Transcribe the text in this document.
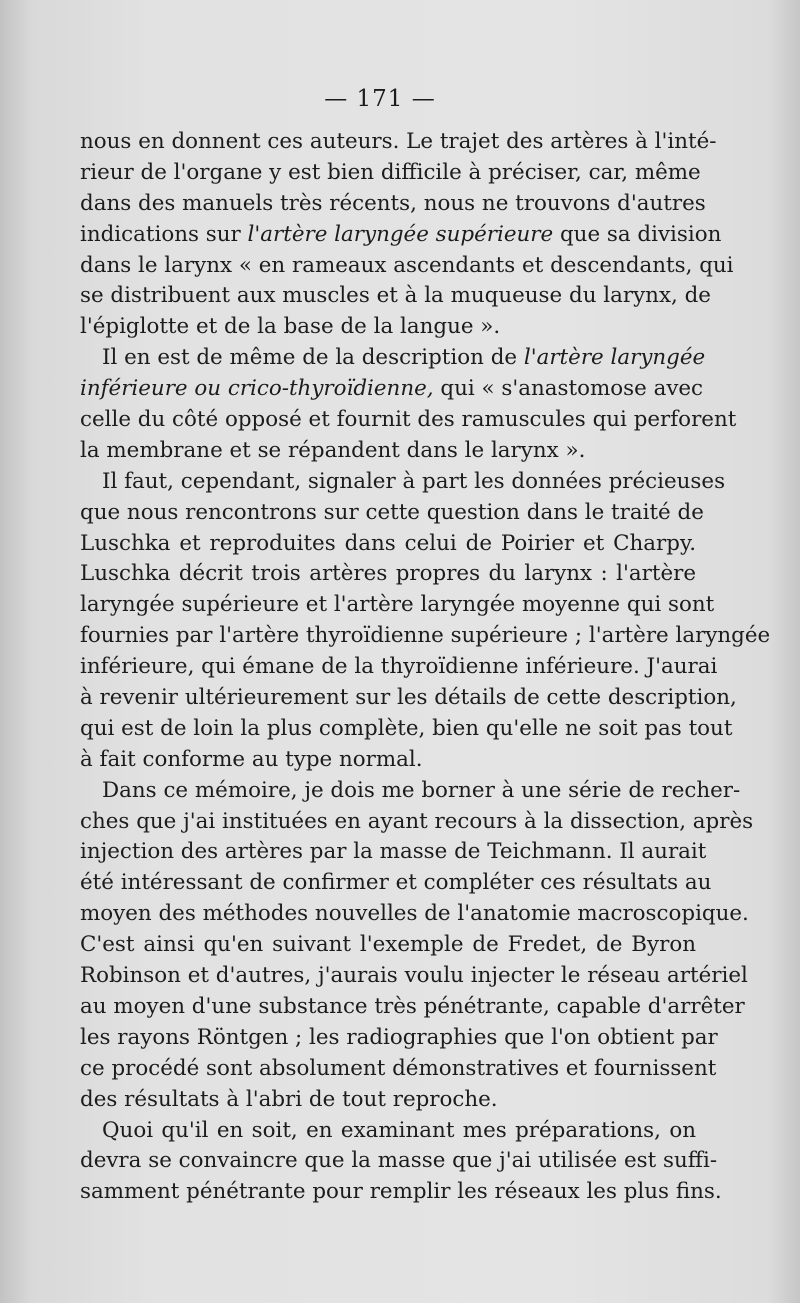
— 171 —
nous en donnent ces auteurs. Le trajet des artères à l'inté-
rieur de l'organe y est bien difficile à préciser, car, même
dans des manuels très récents, nous ne trouvons d'autres
indications sur l'artère laryngée supérieure que sa division
dans le larynx « en rameaux ascendants et descendants, qui
se distribuent aux muscles et à la muqueuse du larynx, de
l'épiglotte et de la base de la langue ».
Il en est de même de la description de l'artère laryngée
inférieure ou crico-thyroïdienne, qui « s'anastomose avec
celle du côté opposé et fournit des ramuscules qui perforent
la membrane et se répandent dans le larynx ».
Il faut, cependant, signaler à part les données précieuses
que nous rencontrons sur cette question dans le traité de
Luschka et reproduites dans celui de Poirier et Charpy.
Luschka décrit trois artères propres du larynx : l'artère
laryngée supérieure et l'artère laryngée moyenne qui sont
fournies par l'artère thyroïdienne supérieure ; l'artère laryngée
inférieure, qui émane de la thyroïdienne inférieure. J'aurai
à revenir ultérieurement sur les détails de cette description,
qui est de loin la plus complète, bien qu'elle ne soit pas tout
à fait conforme au type normal.
Dans ce mémoire, je dois me borner à une série de recher-
ches que j'ai instituées en ayant recours à la dissection, après
injection des artères par la masse de Teichmann. Il aurait
été intéressant de confirmer et compléter ces résultats au
moyen des méthodes nouvelles de l'anatomie macroscopique.
C'est ainsi qu'en suivant l'exemple de Fredet, de Byron
Robinson et d'autres, j'aurais voulu injecter le réseau artériel
au moyen d'une substance très pénétrante, capable d'arrêter
les rayons Röntgen ; les radiographies que l'on obtient par
ce procédé sont absolument démonstratives et fournissent
des résultats à l'abri de tout reproche.
Quoi qu'il en soit, en examinant mes préparations, on
devra se convaincre que la masse que j'ai utilisée est suffi-
samment pénétrante pour remplir les réseaux les plus fins.
